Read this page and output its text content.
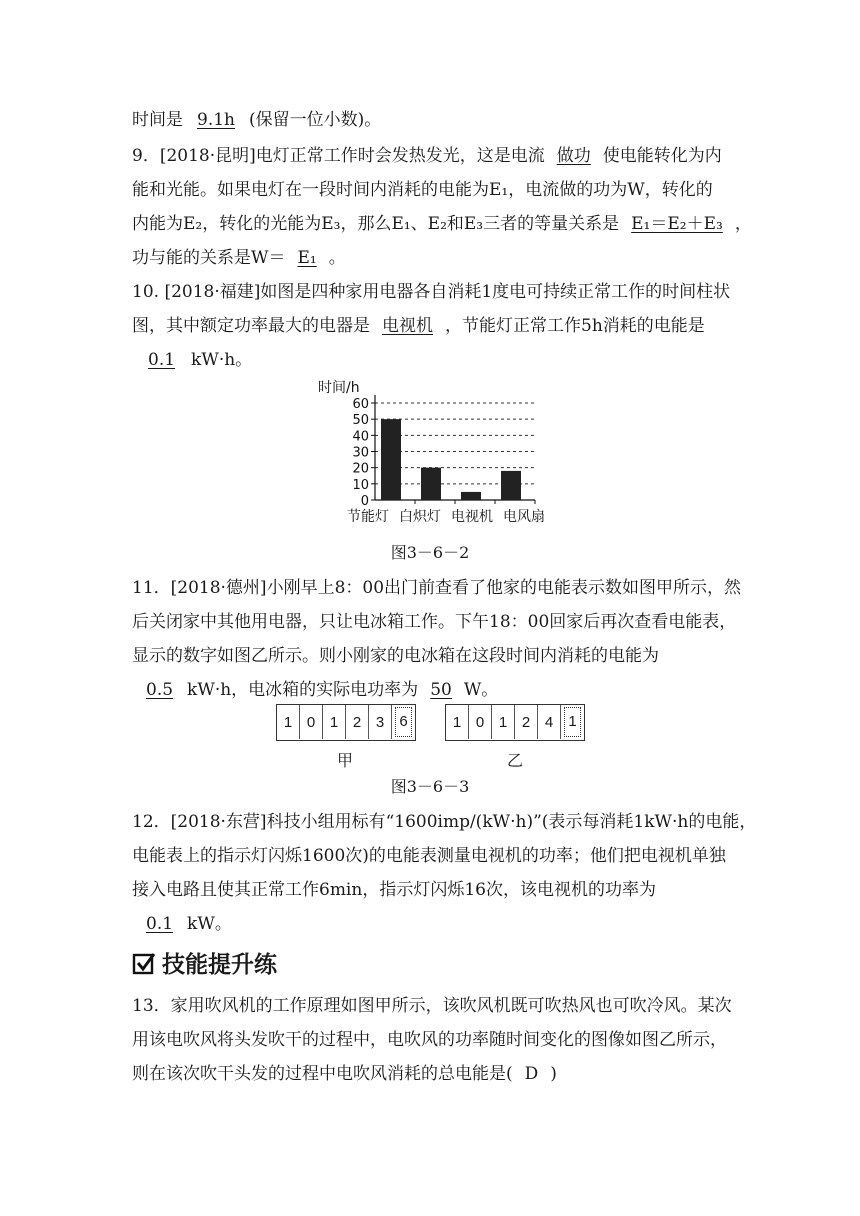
时间是 9.1h (保留一位小数)。
9．[2018·昆明]电灯正常工作时会发热发光，这是电流 做功 使电能转化为内
能和光能。如果电灯在一段时间内消耗的电能为E₁，电流做的功为W，转化的
内能为E₂，转化的光能为E₃，那么E₁、E₂和E₃三者的等量关系是 E₁＝E₂＋E₃ ，
功与能的关系是W＝ E₁ 。
10. [2018·福建]如图是四种家用电器各自消耗1度电可持续正常工作的时间柱状
图，其中额定功率最大的电器是 电视机 ，节能灯正常工作5h消耗的电能是
0.1 kW·h。
时间/h
0
10
20
30
40
50
60
节能灯 白炽灯 电视机 电风扇
图3－6－2
11．[2018·德州]小刚早上8：00出门前查看了他家的电能表示数如图甲所示，然
后关闭家中其他用电器，只让电冰箱工作。下午18：00回家后再次查看电能表，
显示的数字如图乙所示。则小刚家的电冰箱在这段时间内消耗的电能为
0.5 kW·h，电冰箱的实际电功率为 50 W。
1 0 1 2 3	6	1 0 1 2 4	1
甲	乙
图3－6－3
12．[2018·东营]科技小组用标有“1600imp/(kW·h)”(表示每消耗1kW·h的电能，
电能表上的指示灯闪烁1600次)的电能表测量电视机的功率；他们把电视机单独
接入电路且使其正常工作6min，指示灯闪烁16次，该电视机的功率为
0.1 kW。
技能提升练
13．家用吹风机的工作原理如图甲所示，该吹风机既可吹热风也可吹冷风。某次
用该电吹风将头发吹干的过程中，电吹风的功率随时间变化的图像如图乙所示，
则在该次吹干头发的过程中电吹风消耗的总电能是( D )
